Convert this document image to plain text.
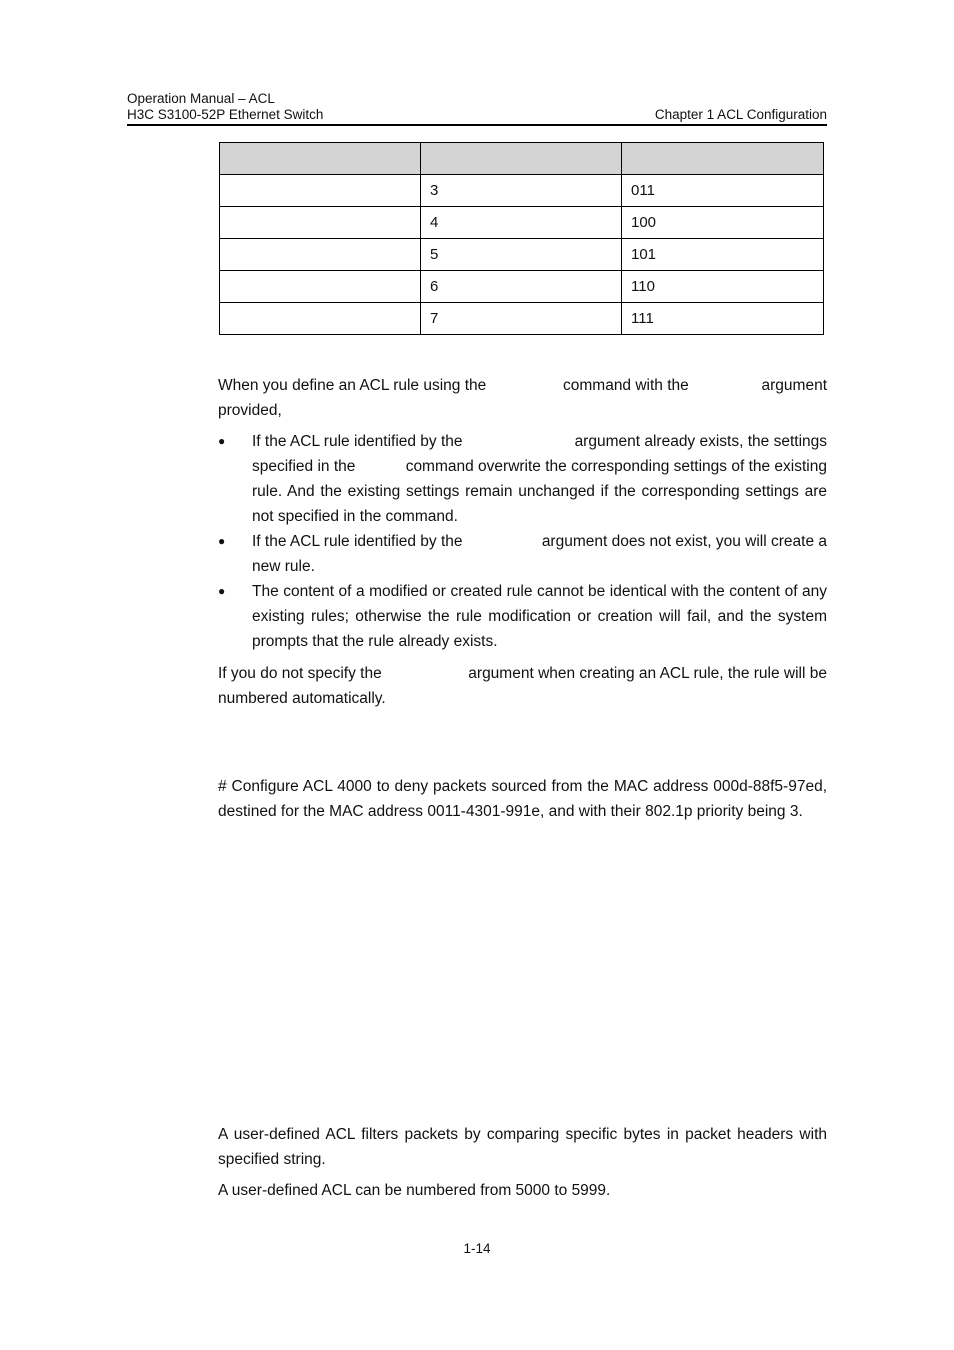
Operation Manual – ACL
H3C S3100-52P Ethernet Switch	Chapter 1 ACL Configuration

	3	011
	4	100
	5	101
	6	110
	7	111
When you define an ACL rule using the	command with the	argument
provided,
●	If the ACL rule identified by the	argument already exists, the settings
specified in the	command overwrite the corresponding settings of the existing
rule. And the existing settings remain unchanged if the corresponding settings are
not specified in the command.
●	If the ACL rule identified by the	argument does not exist, you will create a
new rule.
●	The content of a modified or created rule cannot be identical with the content of any existing rules; otherwise the rule modification or creation will fail, and the system prompts that the rule already exists.
If you do not specify the	argument when creating an ACL rule, the rule will be
numbered automatically.
# Configure ACL 4000 to deny packets sourced from the MAC address 000d-88f5-97ed, destined for the MAC address 0011-4301-991e, and with their 802.1p priority being 3.
A user-defined ACL filters packets by comparing specific bytes in packet headers with specified string.
A user-defined ACL can be numbered from 5000 to 5999.
1-14
